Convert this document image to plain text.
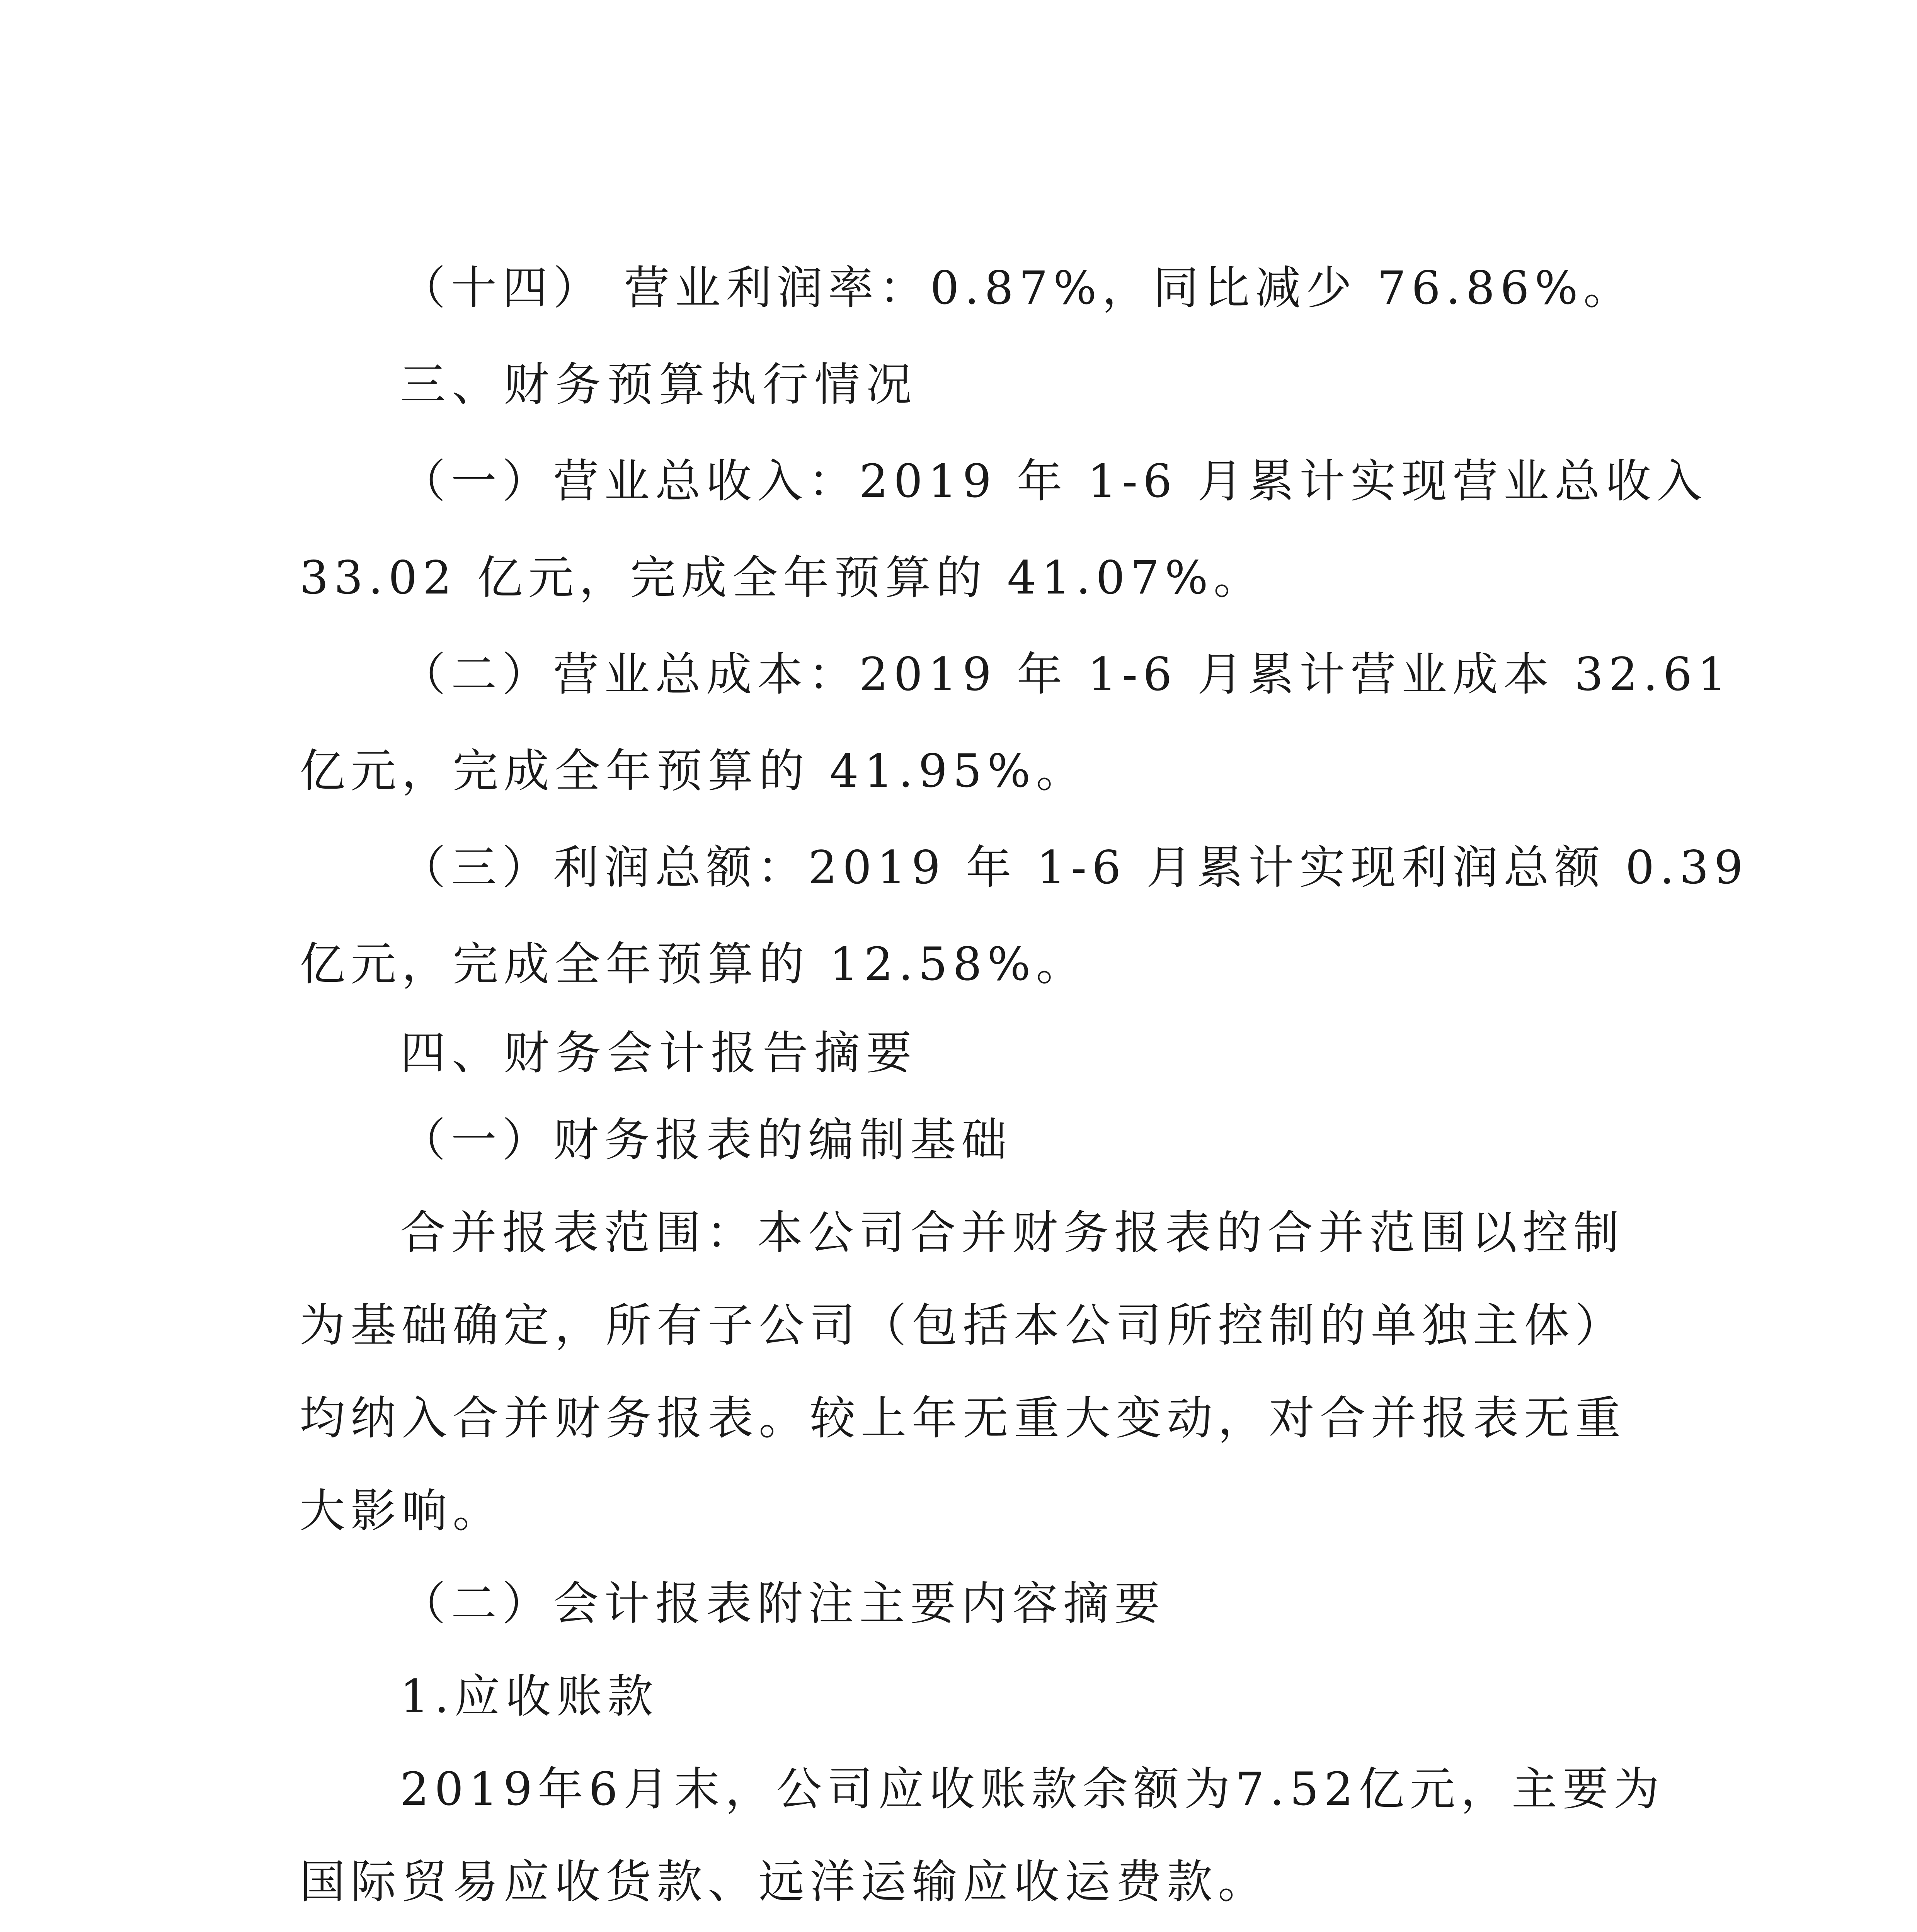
（十四） 营业利润率：0.87%，同比减少 76.86%。
三、财务预算执行情况
（一）营业总收入：2019 年 1-6 月累计实现营业总收入
33.02 亿元，完成全年预算的 41.07%。
（二）营业总成本：2019 年 1-6 月累计营业成本 32.61
亿元，完成全年预算的 41.95%。
（三）利润总额：2019 年 1-6 月累计实现利润总额 0.39
亿元，完成全年预算的 12.58%。
四、财务会计报告摘要
（一）财务报表的编制基础
合并报表范围：本公司合并财务报表的合并范围以控制
为基础确定，所有子公司（包括本公司所控制的单独主体）
均纳入合并财务报表。较上年无重大变动，对合并报表无重
大影响。
（二）会计报表附注主要内容摘要
1.应收账款
2019年6月末，公司应收账款余额为7.52亿元，主要为
国际贸易应收货款、远洋运输应收运费款。
